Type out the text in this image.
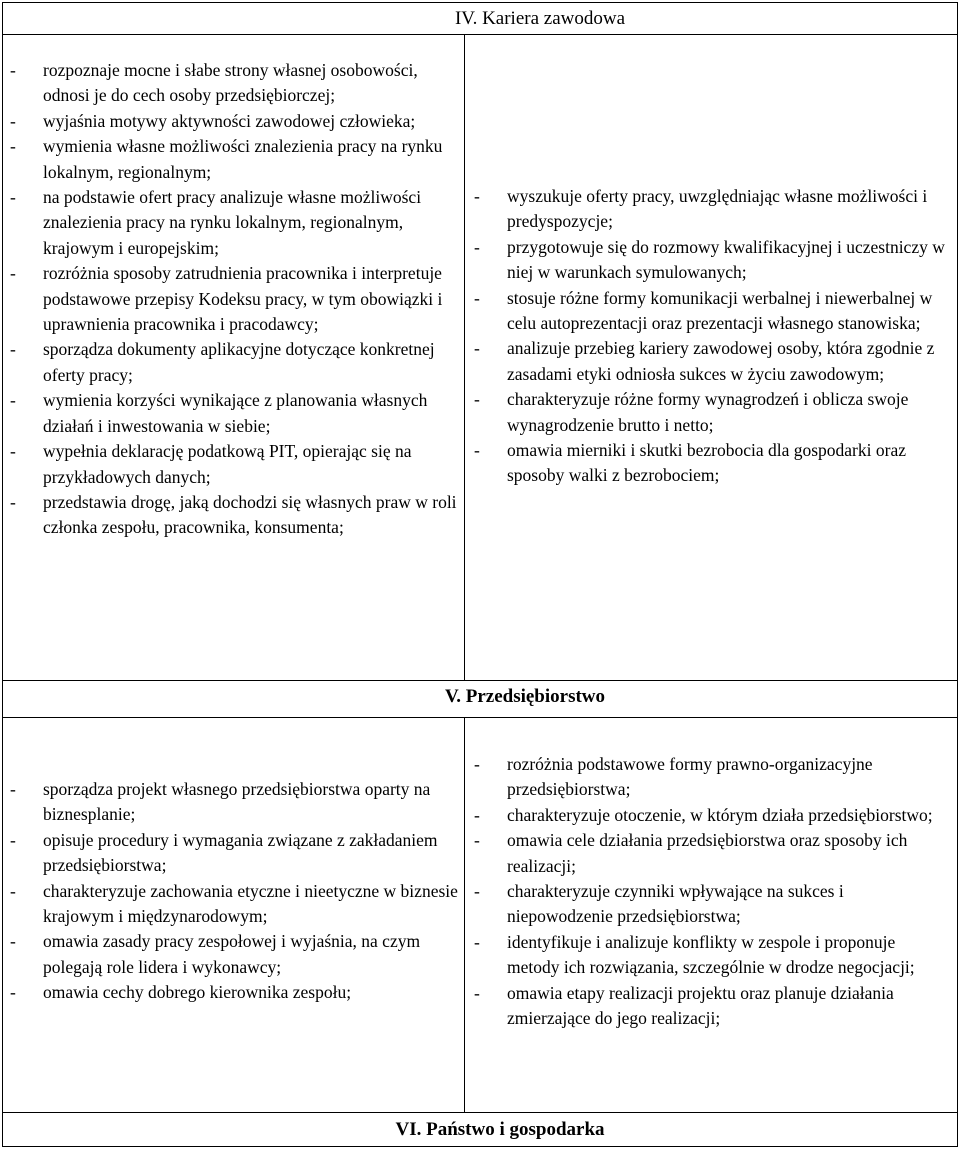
IV. Kariera zawodowa
- rozpoznaje mocne i słabe strony własnej osobowości, odnosi je do cech osoby przedsiębiorczej;
- wyjaśnia motywy aktywności zawodowej człowieka;
- wymienia własne możliwości znalezienia pracy na rynku lokalnym, regionalnym;
- na podstawie ofert pracy analizuje własne możliwości znalezienia pracy na rynku lokalnym, regionalnym, krajowym i europejskim;
- rozróżnia sposoby zatrudnienia pracownika i interpretuje podstawowe przepisy Kodeksu pracy, w tym obowiązki i uprawnienia pracownika i pracodawcy;
- sporządza dokumenty aplikacyjne dotyczące konkretnej oferty pracy;
- wymienia korzyści wynikające z planowania własnych działań i inwestowania w siebie;
- wypełnia deklarację podatkową PIT, opierając się na przykładowych danych;
- przedstawia drogę, jaką dochodzi się własnych praw w roli członka zespołu, pracownika, konsumenta;
- wyszukuje oferty pracy, uwzględniając własne możliwości i predyspozycje;
- przygotowuje się do rozmowy kwalifikacyjnej i uczestniczy w niej w warunkach symulowanych;
- stosuje różne formy komunikacji werbalnej i niewerbalnej w celu autoprezentacji oraz prezentacji własnego stanowiska;
- analizuje przebieg kariery zawodowej osoby, która zgodnie z zasadami etyki odniosła sukces w życiu zawodowym;
- charakteryzuje różne formy wynagrodzeń i oblicza swoje wynagrodzenie brutto i netto;
- omawia mierniki i skutki bezrobocia dla gospodarki oraz sposoby walki z bezrobociem;
V. Przedsiębiorstwo
- sporządza projekt własnego przedsiębiorstwa oparty na biznesplanie;
- opisuje procedury i wymagania związane z zakładaniem przedsiębiorstwa;
- charakteryzuje zachowania etyczne i nieetyczne w biznesie krajowym i międzynarodowym;
- omawia zasady pracy zespołowej i wyjaśnia, na czym polegają role lidera i wykonawcy;
- omawia cechy dobrego kierownika zespołu;
- rozróżnia podstawowe formy prawno-organizacyjne przedsiębiorstwa;
- charakteryzuje otoczenie, w którym działa przedsiębiorstwo;
- omawia cele działania przedsiębiorstwa oraz sposoby ich realizacji;
- charakteryzuje czynniki wpływające na sukces i niepowodzenie przedsiębiorstwa;
- identyfikuje i analizuje konflikty w zespole i proponuje metody ich rozwiązania, szczególnie w drodze negocjacji;
- omawia etapy realizacji projektu oraz planuje działania zmierzające do jego realizacji;
VI. Państwo i gospodarka
